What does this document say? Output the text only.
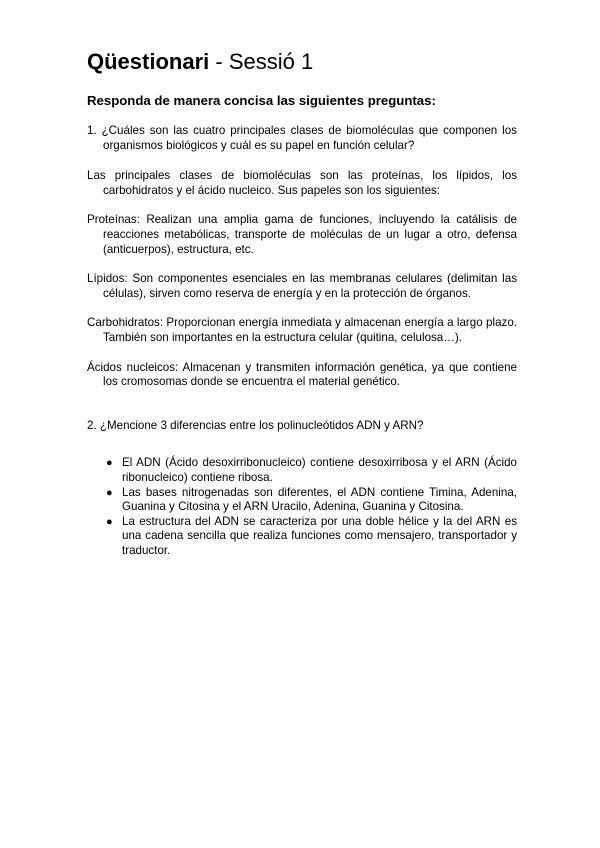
Qüestionari - Sessió 1

Responda de manera concisa las siguientes preguntas:

1. ¿Cuáles son las cuatro principales clases de biomoléculas que componen los organismos biológicos y cuál es su papel en función celular?

Las principales clases de biomoléculas son las proteínas, los lípidos, los carbohidratos y el ácido nucleico. Sus papeles son los siguientes:

Proteínas: Realizan una amplia gama de funciones, incluyendo la catálisis de reacciones metabólicas, transporte de moléculas de un lugar a otro, defensa (anticuerpos), estructura, etc.

Lípidos: Son componentes esenciales en las membranas celulares (delimitan las células), sirven como reserva de energía y en la protección de órganos.

Carbohidratos: Proporcionan energía inmediata y almacenan energía a largo plazo. También son importantes en la estructura celular (quitina, celulosa…).

Ácidos nucleicos: Almacenan y transmiten información genética, ya que contiene los cromosomas donde se encuentra el material genético.

2. ¿Mencione 3 diferencias entre los polinucleótidos ADN y ARN?

● El ADN (Ácido desoxirribonucleico) contiene desoxirribosa y el ARN (Ácido ribonucleico) contiene ribosa.
● Las bases nitrogenadas son diferentes, el ADN contiene Timina, Adenina, Guanina y Citosina y el ARN Uracilo, Adenina, Guanina y Citosina.
● La estructura del ADN se caracteriza por una doble hélice y la del ARN es una cadena sencilla que realiza funciones como mensajero, transportador y traductor.
